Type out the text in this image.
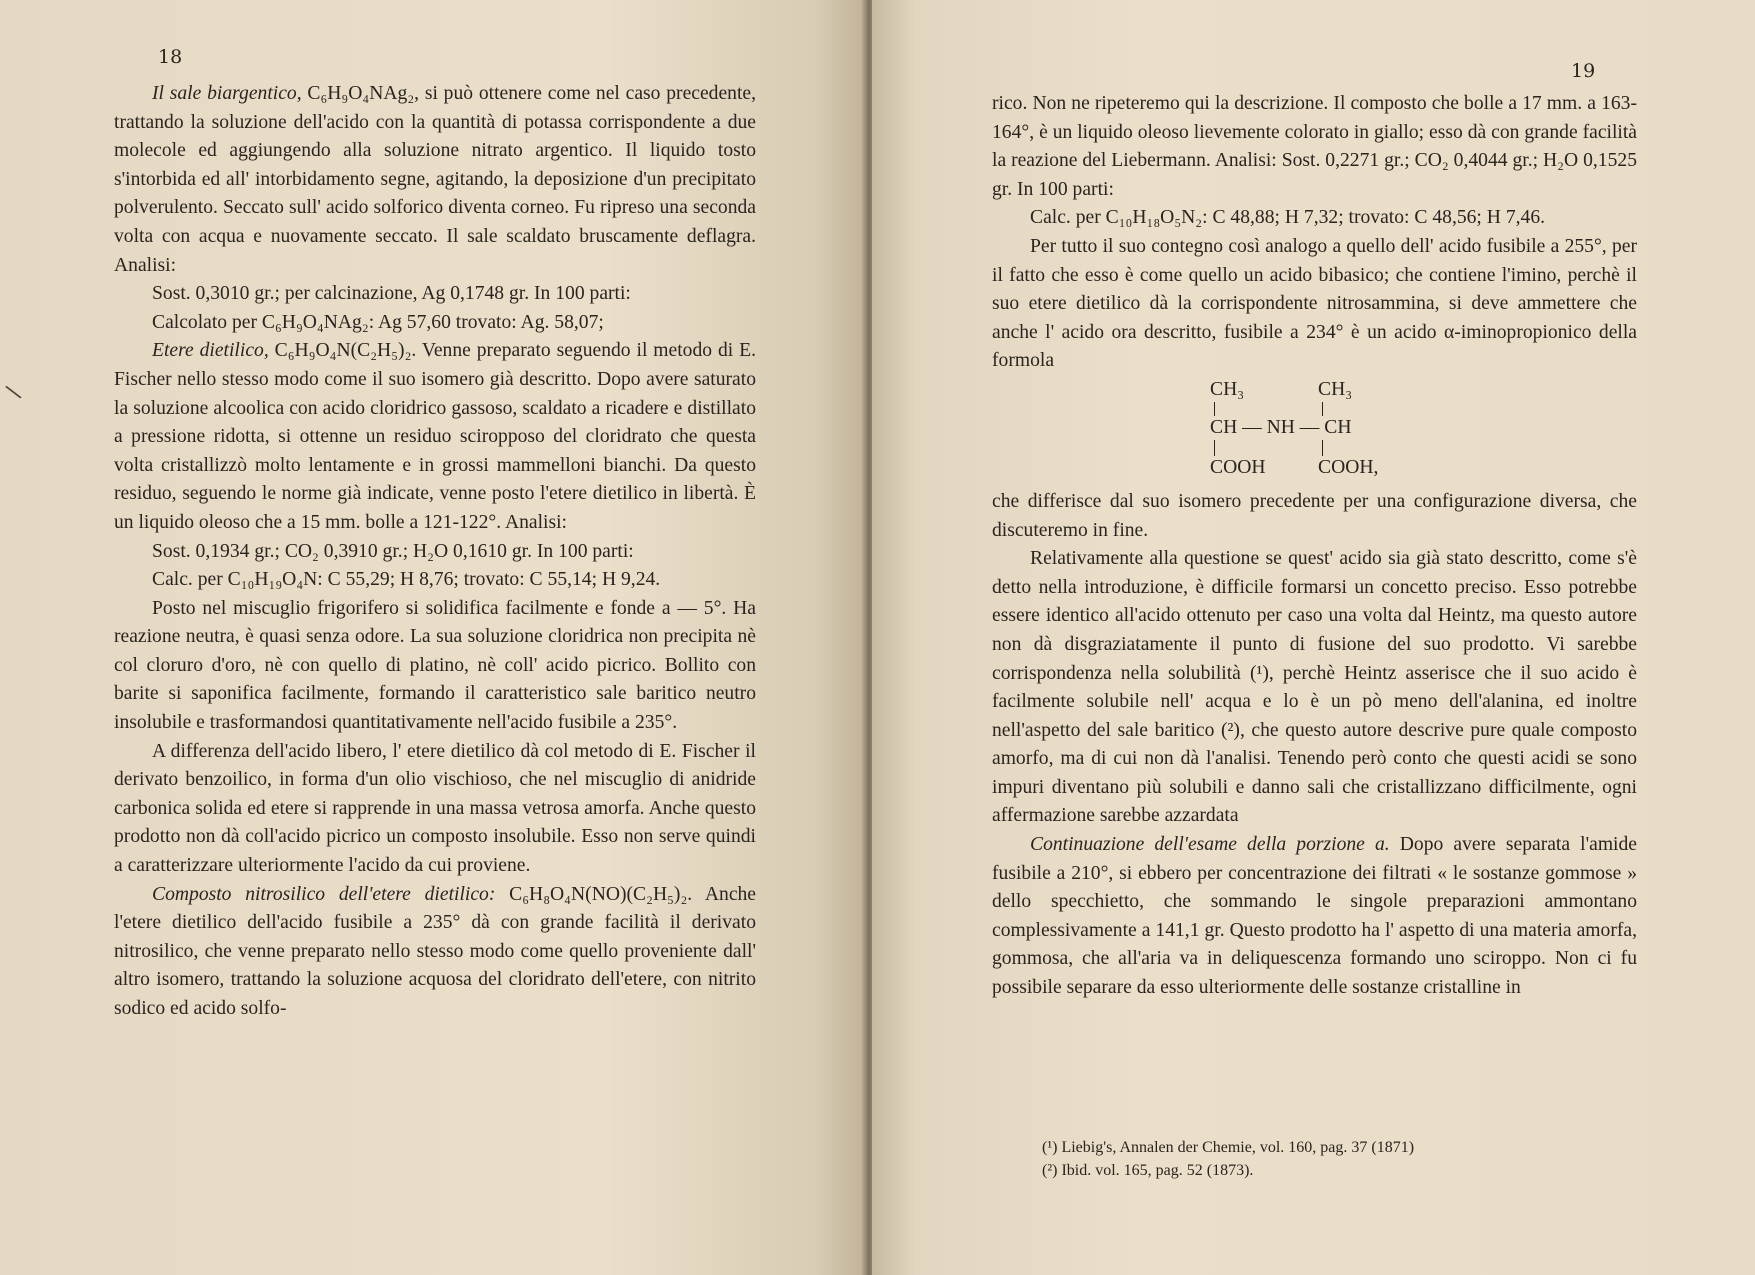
18

Il sale biargentico, C₆H₉O₄NAg₂, si può ottenere come nel caso precedente, trattando la soluzione dell'acido con la quantità di potassa corrispondente a due molecole ed aggiungendo alla soluzione nitrato argentico. Il liquido tosto s'intorbida ed all' intorbidamento segne, agitando, la deposizione d'un precipitato polverulento. Seccato sull' acido solforico diventa corneo. Fu ripreso una seconda volta con acqua e nuovamente seccato. Il sale scaldato bruscamente deflagra. Analisi:

Sost. 0,3010 gr.; per calcinazione, Ag 0,1748 gr. In 100 parti:

Calcolato per C₆H₉O₄NAg₂: Ag 57,60 trovato: Ag. 58,07;

Etere dietilico, C₆H₉O₄N(C₂H₅)₂. Venne preparato seguendo il metodo di E. Fischer nello stesso modo come il suo isomero già descritto. Dopo avere saturato la soluzione alcoolica con acido cloridrico gassoso, scaldato a ricadere e distillato a pressione ridotta, si ottenne un residuo sciropposo del cloridrato che questa volta cristallizzò molto lentamente e in grossi mammelloni bianchi. Da questo residuo, seguendo le norme già indicate, venne posto l'etere dietilico in libertà. È un liquido oleoso che a 15 mm. bolle a 121-122°. Analisi:

Sost. 0,1934 gr.; CO₂ 0,3910 gr.; H₂O 0,1610 gr. In 100 parti:

Calc. per C₁₀H₁₉O₄N: C 55,29; H 8,76; trovato: C 55,14; H 9,24.

Posto nel miscuglio frigorifero si solidifica facilmente e fonde a — 5°. Ha reazione neutra, è quasi senza odore. La sua soluzione cloridrica non precipita nè col cloruro d'oro, nè con quello di platino, nè coll' acido picrico. Bollito con barite si saponifica facilmente, formando il caratteristico sale baritico neutro insolubile e trasformandosi quantitativamente nell'acido fusibile a 235°.

A differenza dell'acido libero, l' etere dietilico dà col metodo di E. Fischer il derivato benzoilico, in forma d'un olio vischioso, che nel miscuglio di anidride carbonica solida ed etere si rapprende in una massa vetrosa amorfa. Anche questo prodotto non dà coll'acido picrico un composto insolubile. Esso non serve quindi a caratterizzare ulteriormente l'acido da cui proviene.

Composto nitrosilico dell'etere dietilico: C₆H₈O₄N(NO)(C₂H₅)₂. Anche l'etere dietilico dell'acido fusibile a 235° dà con grande facilità il derivato nitrosilico, che venne preparato nello stesso modo come quello proveniente dall' altro isomero, trattando la soluzione acquosa del cloridrato dell'etere, con nitrito sodico ed acido solfo-

\
19

rico. Non ne ripeteremo qui la descrizione. Il composto che bolle a 17 mm. a 163-164°, è un liquido oleoso lievemente colorato in giallo; esso dà con grande facilità la reazione del Liebermann. Analisi: Sost. 0,2271 gr.; CO₂ 0,4044 gr.; H₂O 0,1525 gr. In 100 parti:

Calc. per C₁₀H₁₈O₅N₂: C 48,88; H 7,32; trovato: C 48,56; H 7,46.

Per tutto il suo contegno così analogo a quello dell' acido fusibile a 255°, per il fatto che esso è come quello un acido bibasico; che contiene l'imino, perchè il suo etere dietilico dà la corrispondente nitrosammina, si deve ammettere che anche l' acido ora descritto, fusibile a 234° è un acido α-iminopropionico della formola

CH₃	CH₃
CH — NH — CH
COOH	COOH,

che differisce dal suo isomero precedente per una configurazione diversa, che discuteremo in fine.

Relativamente alla questione se quest' acido sia già stato descritto, come s'è detto nella introduzione, è difficile formarsi un concetto preciso. Esso potrebbe essere identico all'acido ottenuto per caso una volta dal Heintz, ma questo autore non dà disgraziatamente il punto di fusione del suo prodotto. Vi sarebbe corrispondenza nella solubilità (¹), perchè Heintz asserisce che il suo acido è facilmente solubile nell' acqua e lo è un pò meno dell'alanina, ed inoltre nell'aspetto del sale baritico (²), che questo autore descrive pure quale composto amorfo, ma di cui non dà l'analisi. Tenendo però conto che questi acidi se sono impuri diventano più solubili e danno sali che cristallizzano difficilmente, ogni affermazione sarebbe azzardata

Continuazione dell'esame della porzione a. Dopo avere separata l'amide fusibile a 210°, si ebbero per concentrazione dei filtrati « le sostanze gommose » dello specchietto, che sommando le singole preparazioni ammontano complessivamente a 141,1 gr. Questo prodotto ha l' aspetto di una materia amorfa, gommosa, che all'aria va in deliquescenza formando uno sciroppo. Non ci fu possibile separare da esso ulteriormente delle sostanze cristalline in

(¹) Liebig's, Annalen der Chemie, vol. 160, pag. 37 (1871)

(²) Ibid. vol. 165, pag. 52 (1873).
